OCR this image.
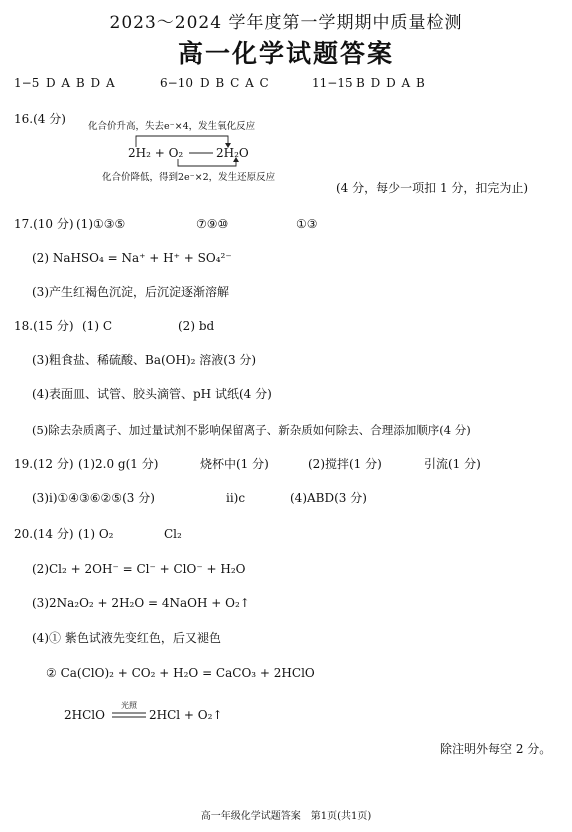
2023～2024 学年度第一学期期中质量检测
高一化学试题答案
1−5 D A B D A	6−10 D B C A C	11−15 B D D A B
16.(4 分)
化合价升高，失去e⁻×4，发生氧化反应
2H₂ + O₂	2H₂O
化合价降低，得到2e⁻×2，发生还原反应
(4 分，每少一项扣 1 分，扣完为止)
17.(10 分) (1)①③⑤	⑦⑨⑩	①③
(2) NaHSO₄ = Na⁺ + H⁺ + SO₄²⁻
(3)产生红褐色沉淀，后沉淀逐渐溶解
18.(15 分) (1) C	(2) bd
(3)粗食盐、稀硫酸、Ba(OH)₂ 溶液(3 分)
(4)表面皿、试管、胶头滴管、pH 试纸(4 分)
(5)除去杂质离子、加过量试剂不影响保留离子、新杂质如何除去、合理添加顺序(4 分)
19.(12 分) (1)2.0 g(1 分)	烧杯中(1 分)	(2)搅拌(1 分)	引流(1 分)
(3)i)①④③⑥②⑤(3 分)	ii)c	(4)ABD(3 分)
20.(14 分) (1) O₂	Cl₂
(2)Cl₂ + 2OH⁻ = Cl⁻ + ClO⁻ + H₂O
(3)2Na₂O₂ + 2H₂O = 4NaOH + O₂↑
(4)① 紫色试液先变红色，后又褪色
② Ca(ClO)₂ + CO₂ + H₂O = CaCO₃ + 2HClO
2HClO
光照
2HCl + O₂↑
除注明外每空 2 分。
高一年级化学试题答案　第1页(共1页)
